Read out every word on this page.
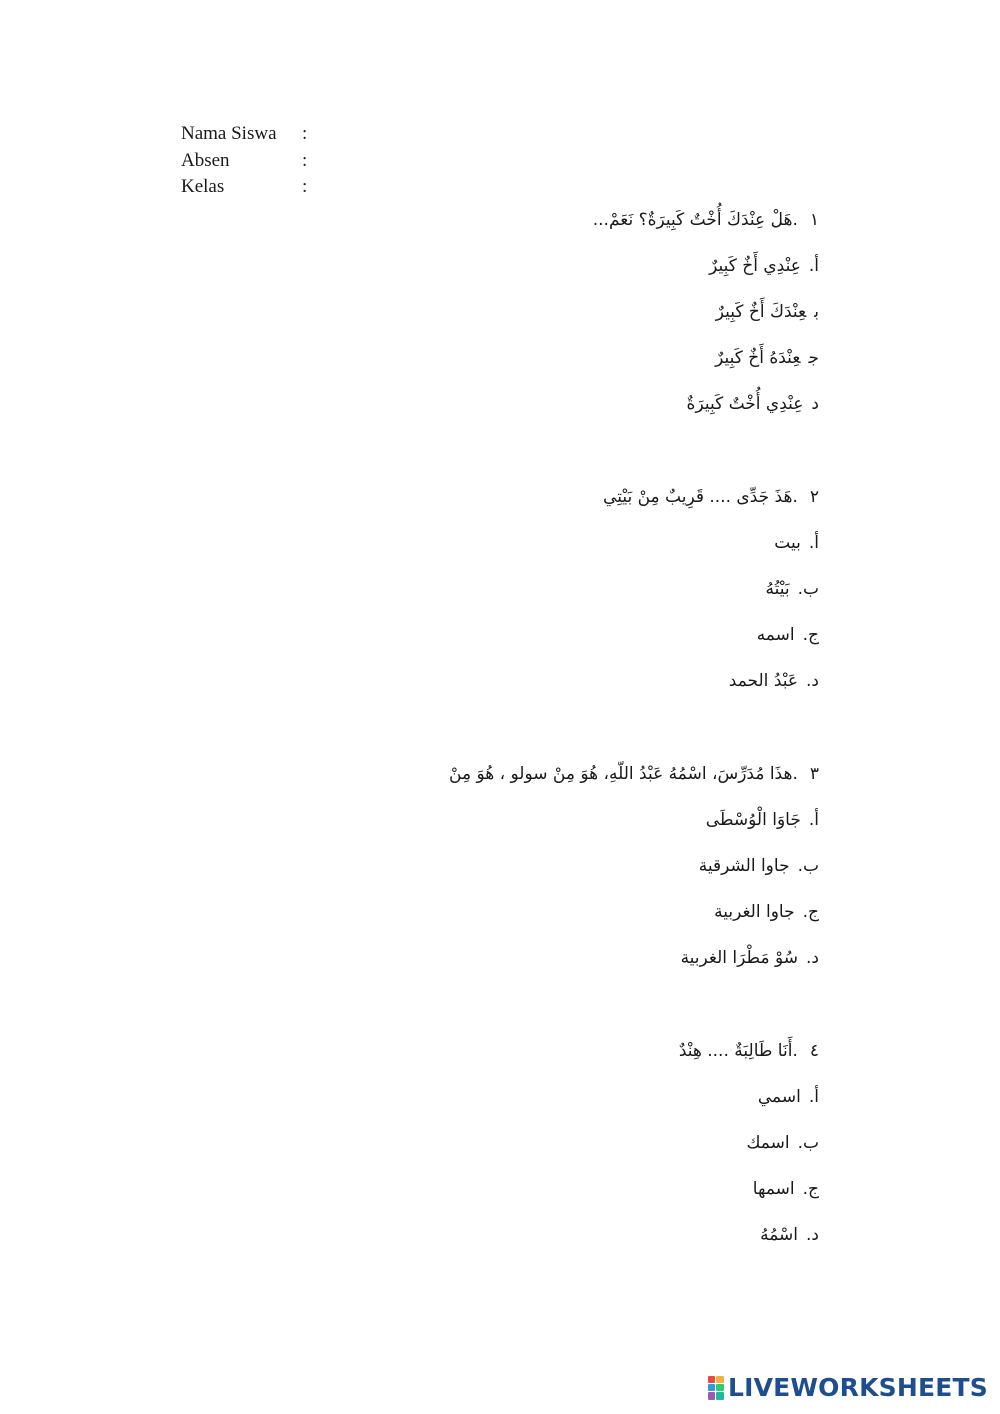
Nama Siswa	:
Absen	:
Kelas	:
١.هَلْ عِنْدَكَ أُخْتٌ كَبِيرَةٌ؟ نَعَمْ...
أ.عِنْدِي أَخٌ كَبِيرٌ
بعِنْدَكَ أَخٌ كَبِيرٌ
جعِنْدَهُ أَخٌ كَبِيرٌ
دعِنْدِي أُخْتٌ كَبِيرَةٌ
٢.هَذَ جَدِّى .... قَرِيبٌ مِنْ بَيْتِي
أ.بيت
ب.بَيْتُهُ
ج.اسمه
د.عَبْدُ الحمد
٣.هذَا مُدَرِّسَ، اسْمُهُ عَبْدُ اللّهِ، هُوَ مِنْ سولو ، هُوَ مِنْ
أ.جَاوَا الْوُسْطَى
ب.جاوا الشرقية
ج.جاوا الغربية
د.سُوْ مَطْرَا الغربية
٤.أَنَا طَالِبَةٌ .... هِنْدٌ
أ.اسمي
ب.اسمك
ج.اسمها
د.اسْمُهُ
LIVEWORKSHEETS
